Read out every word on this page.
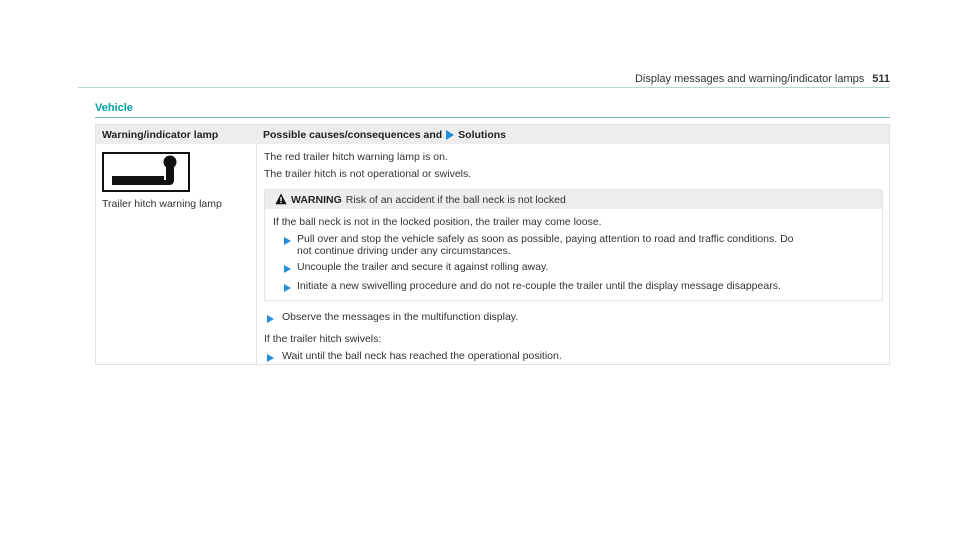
Display messages and warning/indicator lamps 511
Vehicle
Warning/indicator lamp	Possible causes/consequences and Solutions
Trailer hitch warning lamp
The red trailer hitch warning lamp is on.
The trailer hitch is not operational or swivels.
WARNING Risk of an accident if the ball neck is not locked
If the ball neck is not in the locked position, the trailer may come loose.
Pull over and stop the vehicle safely as soon as possible, paying attention to road and traffic conditions. Do
not continue driving under any circumstances.
Uncouple the trailer and secure it against rolling away.
Initiate a new swivelling procedure and do not re-couple the trailer until the display message disappears.
Observe the messages in the multifunction display.
If the trailer hitch swivels:
Wait until the ball neck has reached the operational position.
